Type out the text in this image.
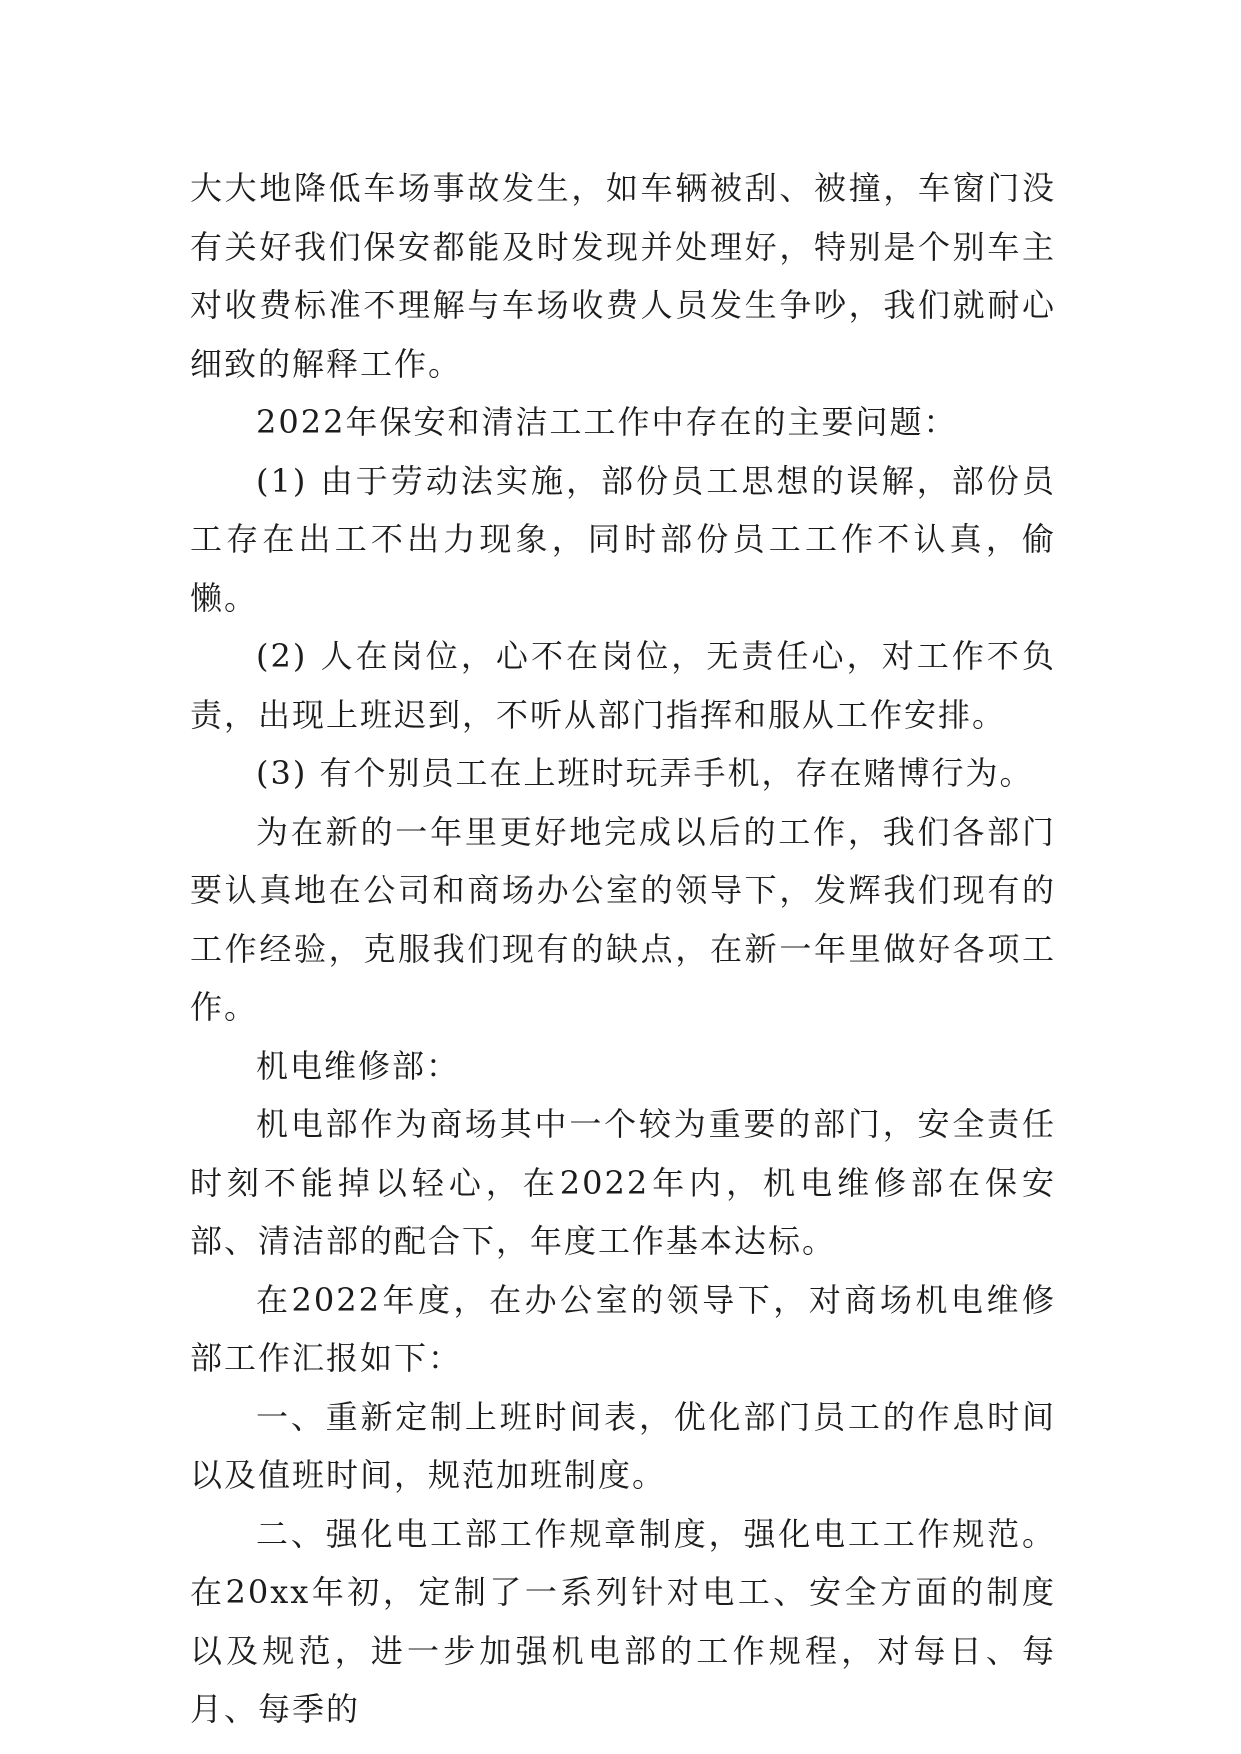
大大地降低车场事故发生，如车辆被刮、被撞，车窗门没有关好我们保安都能及时发现并处理好，特别是个别车主对收费标准不理解与车场收费人员发生争吵，我们就耐心细致的解释工作。

2022年保安和清洁工工作中存在的主要问题：

(1) 由于劳动法实施，部份员工思想的误解，部份员工存在出工不出力现象，同时部份员工工作不认真，偷懒。

(2) 人在岗位，心不在岗位，无责任心，对工作不负责，出现上班迟到，不听从部门指挥和服从工作安排。

(3) 有个别员工在上班时玩弄手机，存在赌博行为。

为在新的一年里更好地完成以后的工作，我们各部门要认真地在公司和商场办公室的领导下，发辉我们现有的工作经验，克服我们现有的缺点，在新一年里做好各项工作。

机电维修部：

机电部作为商场其中一个较为重要的部门，安全责任时刻不能掉以轻心，在2022年内，机电维修部在保安部、清洁部的配合下，年度工作基本达标。

在2022年度，在办公室的领导下，对商场机电维修部工作汇报如下：

一、重新定制上班时间表，优化部门员工的作息时间以及值班时间，规范加班制度。

二、强化电工部工作规章制度，强化电工工作规范。在20xx年初，定制了一系列针对电工、安全方面的制度以及规范，进一步加强机电部的工作规程，对每日、每月、每季的
